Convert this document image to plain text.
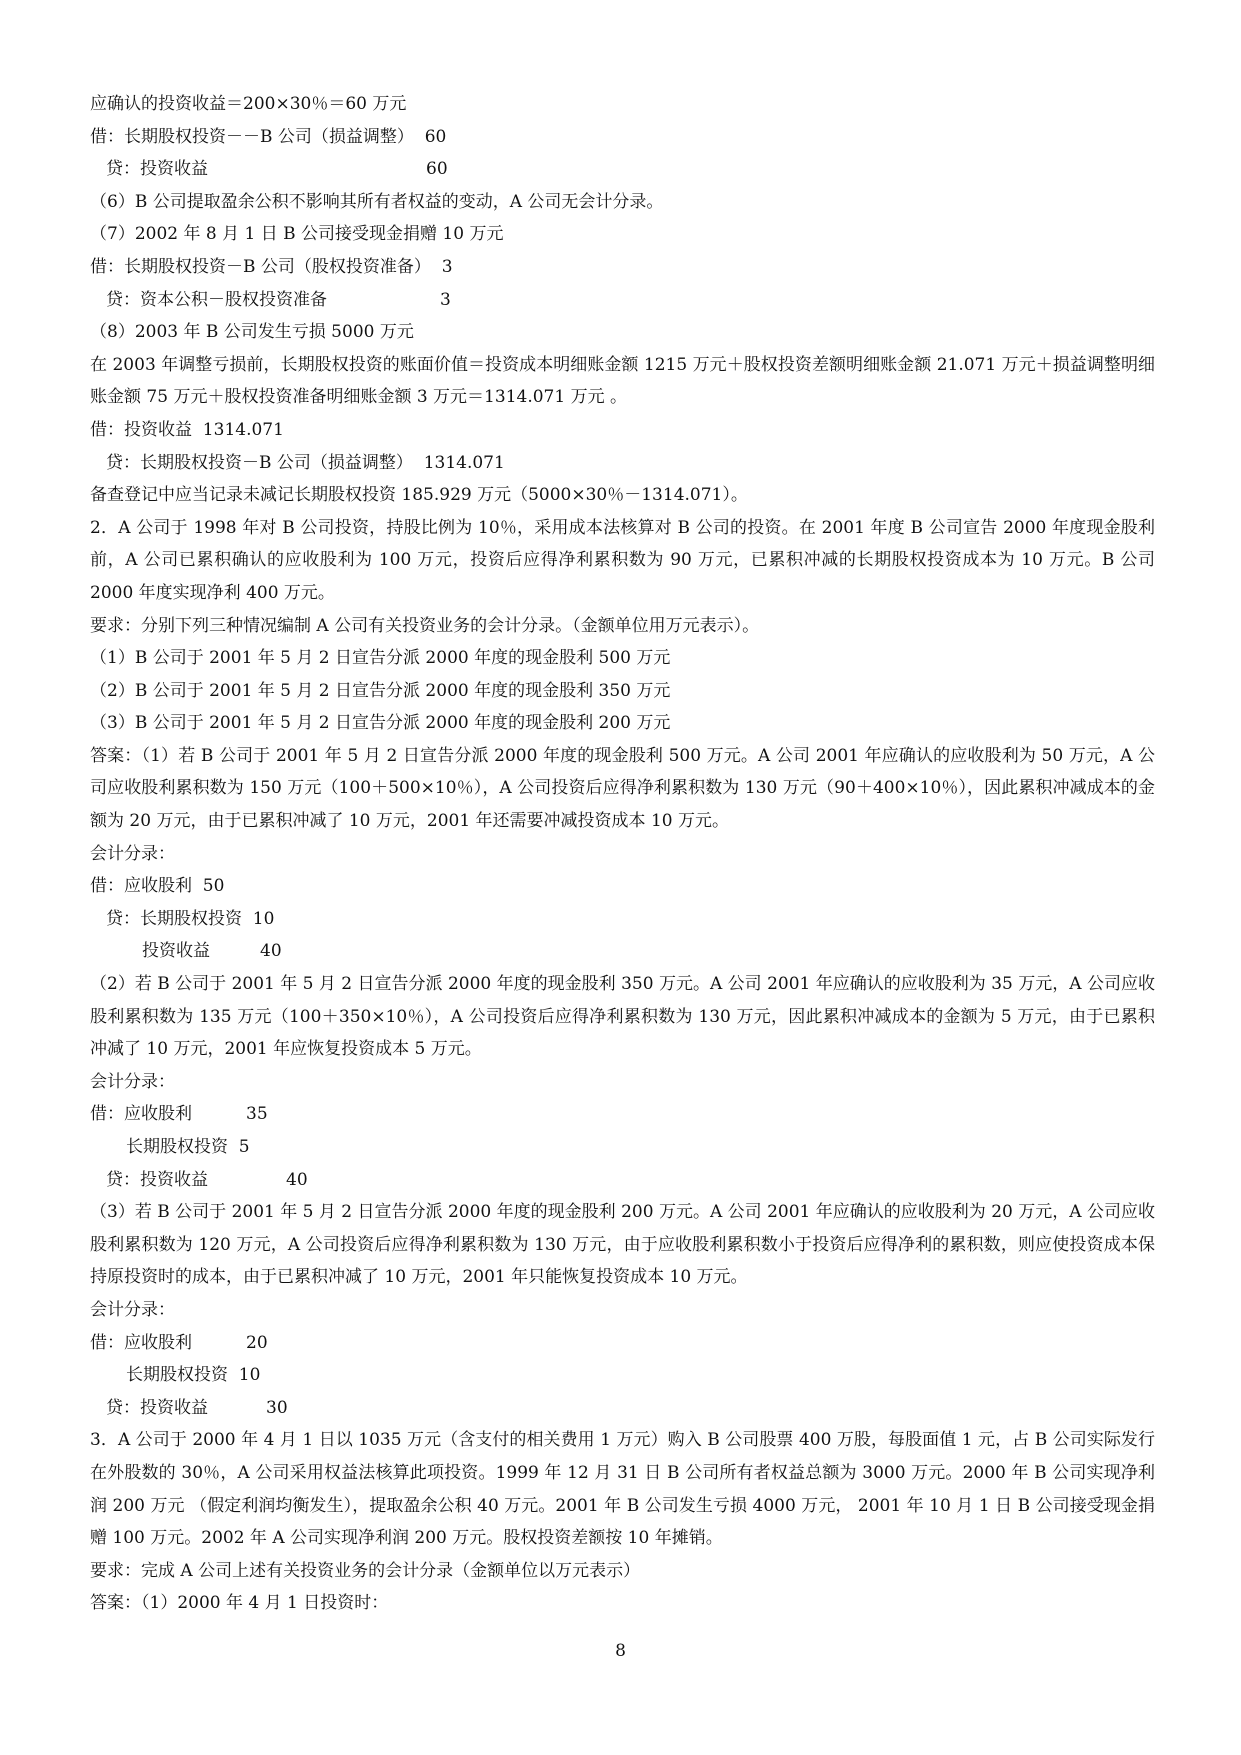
应确认的投资收益＝200×30％＝60 万元

借：长期股权投资－－B 公司（损益调整）  60

贷：投资收益	60

（6）B 公司提取盈余公积不影响其所有者权益的变动，A 公司无会计分录。

（7）2002 年 8 月 1 日 B 公司接受现金捐赠 10 万元

借：长期股权投资－B 公司（股权投资准备）  3

贷：资本公积－股权投资准备	3

（8）2003 年 B 公司发生亏损 5000 万元

在 2003 年调整亏损前，长期股权投资的账面价值＝投资成本明细账金额 1215 万元＋股权投资差额明细账金额 21.071 万元＋损益调整明细账金额 75 万元＋股权投资准备明细账金额 3 万元＝1314.071 万元 。

借：投资收益  1314.071

贷：长期股权投资－B 公司（损益调整）  1314.071

备查登记中应当记录未减记长期股权投资 185.929 万元（5000×30％－1314.071）。

2．A 公司于 1998 年对 B 公司投资，持股比例为 10％，采用成本法核算对 B 公司的投资。在 2001 年度 B 公司宣告 2000 年度现金股利前，A 公司已累积确认的应收股利为 100 万元，投资后应得净利累积数为 90 万元，已累积冲减的长期股权投资成本为 10 万元。B 公司 2000 年度实现净利 400 万元。

要求：分别下列三种情况编制 A 公司有关投资业务的会计分录。（金额单位用万元表示）。

（1）B 公司于 2001 年 5 月 2 日宣告分派 2000 年度的现金股利 500 万元

（2）B 公司于 2001 年 5 月 2 日宣告分派 2000 年度的现金股利 350 万元

（3）B 公司于 2001 年 5 月 2 日宣告分派 2000 年度的现金股利 200 万元

答案：（1）若 B 公司于 2001 年 5 月 2 日宣告分派 2000 年度的现金股利 500 万元。A 公司 2001 年应确认的应收股利为 50 万元，A 公司应收股利累积数为 150 万元（100＋500×10％），A 公司投资后应得净利累积数为 130 万元（90＋400×10％），因此累积冲减成本的金额为 20 万元，由于已累积冲减了 10 万元，2001 年还需要冲减投资成本 10 万元。

会计分录：

借：应收股利  50

贷：长期股权投资  10

投资收益	40

（2）若 B 公司于 2001 年 5 月 2 日宣告分派 2000 年度的现金股利 350 万元。A 公司 2001 年应确认的应收股利为 35 万元，A 公司应收股利累积数为 135 万元（100＋350×10％），A 公司投资后应得净利累积数为 130 万元，因此累积冲减成本的金额为 5 万元，由于已累积冲减了 10 万元，2001 年应恢复投资成本 5 万元。

会计分录：

借：应收股利	35

长期股权投资  5

贷：投资收益	40

（3）若 B 公司于 2001 年 5 月 2 日宣告分派 2000 年度的现金股利 200 万元。A 公司 2001 年应确认的应收股利为 20 万元，A 公司应收股利累积数为 120 万元，A 公司投资后应得净利累积数为 130 万元，由于应收股利累积数小于投资后应得净利的累积数，则应使投资成本保持原投资时的成本，由于已累积冲减了 10 万元，2001 年只能恢复投资成本 10 万元。

会计分录：

借：应收股利	20

长期股权投资  10

贷：投资收益	30

3．A 公司于 2000 年 4 月 1 日以 1035 万元（含支付的相关费用 1 万元）购入 B 公司股票 400 万股，每股面值 1 元，占 B 公司实际发行在外股数的 30％，A 公司采用权益法核算此项投资。1999 年 12 月 31 日 B 公司所有者权益总额为 3000 万元。2000 年 B 公司实现净利润 200 万元 （假定利润均衡发生），提取盈余公积 40 万元。2001 年 B 公司发生亏损 4000 万元， 2001 年 10 月 1 日 B 公司接受现金捐赠 100 万元。2002 年 A 公司实现净利润 200 万元。股权投资差额按 10 年摊销。

要求：完成 A 公司上述有关投资业务的会计分录（金额单位以万元表示）

答案：（1）2000 年 4 月 1 日投资时：

8
